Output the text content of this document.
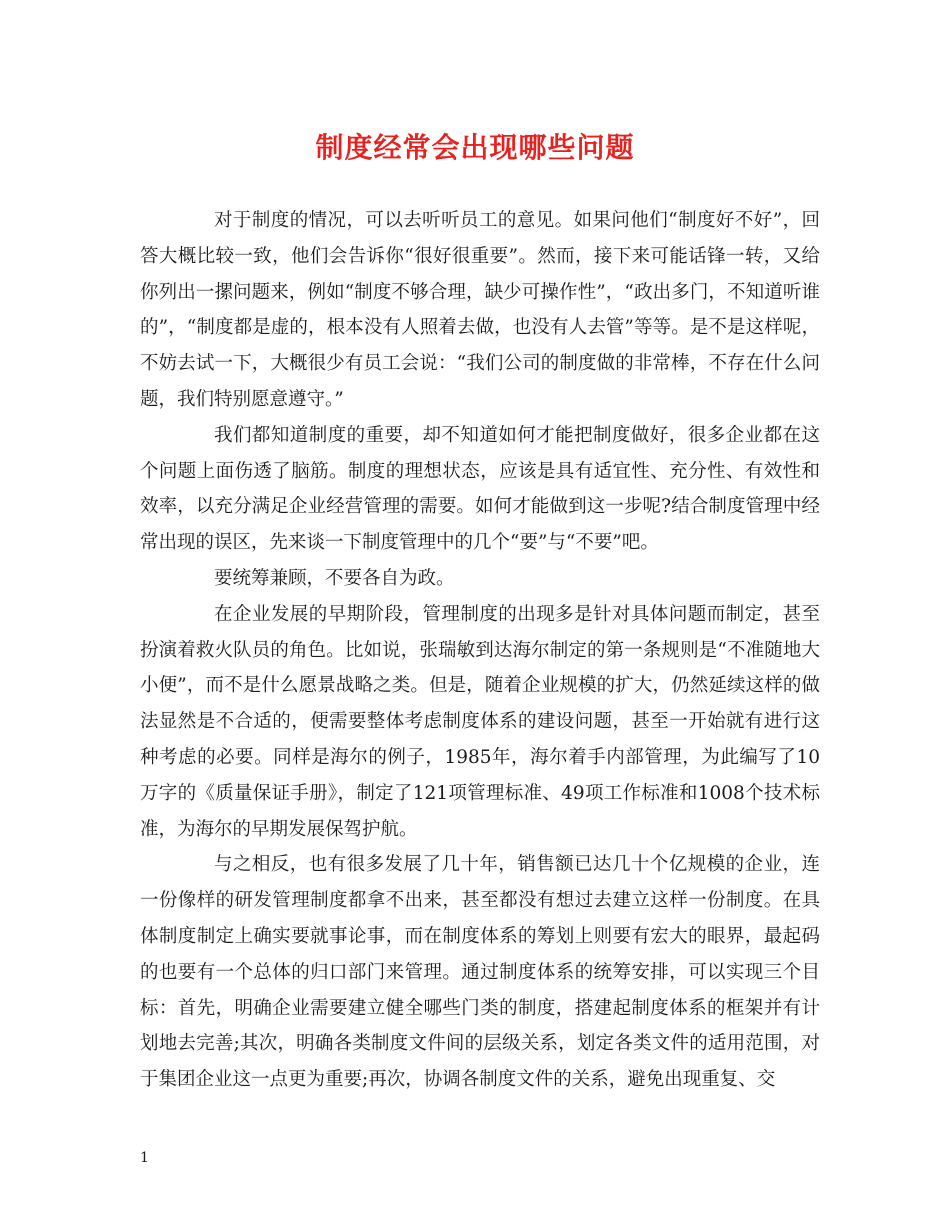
制度经常会出现哪些问题

对于制度的情况，可以去听听员工的意见。如果问他们“制度好不好”，回答大概比较一致，他们会告诉你“很好很重要”。然而，接下来可能话锋一转，又给你列出一摞问题来，例如“制度不够合理，缺少可操作性”，“政出多门，不知道听谁的”，“制度都是虚的，根本没有人照着去做，也没有人去管”等等。是不是这样呢，不妨去试一下，大概很少有员工会说：“我们公司的制度做的非常棒，不存在什么问题，我们特别愿意遵守。”

我们都知道制度的重要，却不知道如何才能把制度做好，很多企业都在这个问题上面伤透了脑筋。制度的理想状态，应该是具有适宜性、充分性、有效性和效率，以充分满足企业经营管理的需要。如何才能做到这一步呢?结合制度管理中经常出现的误区，先来谈一下制度管理中的几个“要”与“不要”吧。

要统筹兼顾，不要各自为政。

在企业发展的早期阶段，管理制度的出现多是针对具体问题而制定，甚至扮演着救火队员的角色。比如说，张瑞敏到达海尔制定的第一条规则是“不准随地大小便”，而不是什么愿景战略之类。但是，随着企业规模的扩大，仍然延续这样的做法显然是不合适的，便需要整体考虑制度体系的建设问题，甚至一开始就有进行这种考虑的必要。同样是海尔的例子，1985年，海尔着手内部管理，为此编写了10万字的《质量保证手册》，制定了121项管理标准、49项工作标准和1008个技术标准，为海尔的早期发展保驾护航。

与之相反，也有很多发展了几十年，销售额已达几十个亿规模的企业，连一份像样的研发管理制度都拿不出来，甚至都没有想过去建立这样一份制度。在具体制度制定上确实要就事论事，而在制度体系的筹划上则要有宏大的眼界，最起码的也要有一个总体的归口部门来管理。通过制度体系的统筹安排，可以实现三个目标：首先，明确企业需要建立健全哪些门类的制度，搭建起制度体系的框架并有计划地去完善;其次，明确各类制度文件间的层级关系，划定各类文件的适用范围，对于集团企业这一点更为重要;再次，协调各制度文件的关系，避免出现重复、交

1
